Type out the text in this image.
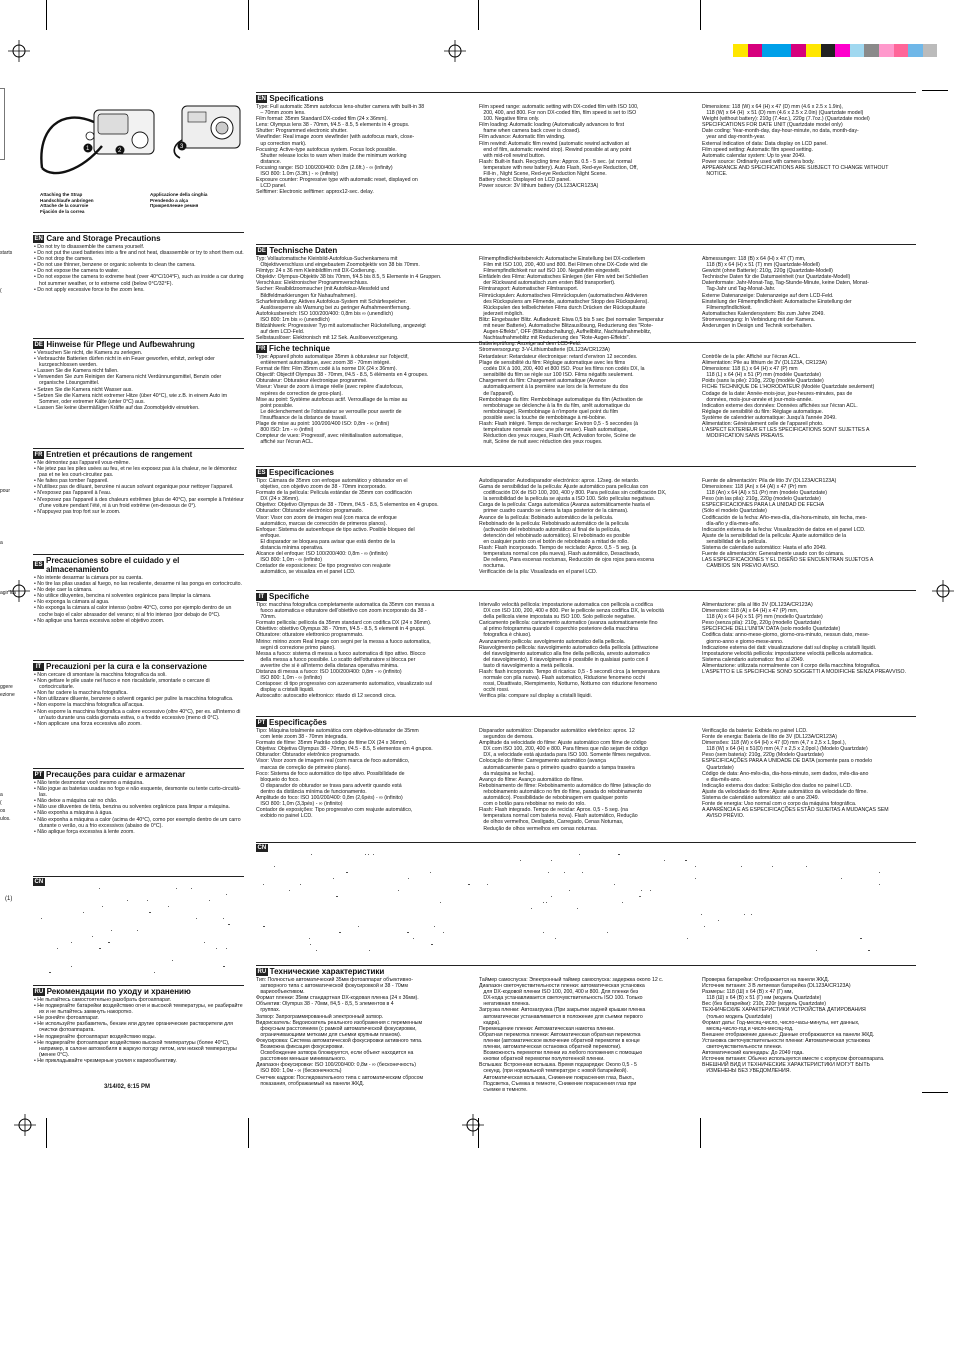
starts
(
pour
a
agir los
ggere
ezione
a
(
os
ulos.
(1)
1	2
3
Attaching the Strap
Handschlaufe anbringen
Attache de la courroie
Fijación de la correa
Applicazione della cinghia
Prendendo a alça
Прикрепление ремня
EN Care and Storage Precautions
• Do not try to disassemble the camera yourself.
• Do not put the used batteries into a fire and not heat, disassemble or try to short them out.
• Do not drop the camera.
• Do not use thinner, benzene or organic solvents to clean the camera.
• Do not expose the camera to water.
• Do not expose the camera to extreme heat (over 40°C/104°F), such as inside a car during hot summer weather, or to extreme cold (below 0°C/32°F).
• Do not apply excessive force to the zoom lens.
DE Hinweise für Pflege und Aufbewahrung
• Versuchen Sie nicht, die Kamera zu zerlegen.
• Verbrauchte Batterien dürfen nicht in ein Feuer geworfen, erhitzt, zerlegt oder kurzgeschlossen werden.
• Lassen Sie die Kamera nicht fallen.
• Verwenden Sie zum Reinigen der Kamera nicht Verdünnungsmittel, Benzin oder organische Lösungsmittel.
• Setzen Sie die Kamera nicht Wasser aus.
• Setzen Sie die Kamera nicht extremer Hitze (über 40°C), wie z.B. in einem Auto im Sommer, oder extremer Kälte (unter 0°C) aus.
• Lassen Sie keine übermäßigen Kräfte auf das Zoomobjektiv einwirken.
FR Entretien et précautions de rangement
• Ne démontez pas l'appareil vous-même.
• Ne jetez pas les piles usées au feu, et ne les exposez pas à la chaleur, ne le démontez pas et ne les court-circuitez pas.
• Ne faites pas tomber l'appareil.
• N'utilisez pas de diluant, benzène ni aucun solvant organique pour nettoyer l'appareil.
• N'exposez pas l'appareil à l'eau.
• N'exposez pas l'appareil à des chaleurs extrêmes (plus de 40°C), par exemple à l'intérieur d'une voiture pendant l'été, ni à un froid extrême (en-dessous de 0°).
• N'appuyez pas trop fort sur le zoom.
ES Precauciones sobre el cuidado y el almacenamiento
• No intente desarmar la cámara por su cuenta.
• No tire las pilas usadas al fuego, no las recaliente, desarme ni las ponga en cortocircuito.
• No deje caer la cámara.
• No utilice diluyentes, bencina ni solventes orgánicos para limpiar la cámara.
• No exponga la cámara al agua.
• No exponga la cámara al calor intenso (sobre 40°C), como por ejemplo dentro de un coche bajo el calor abrasador del verano; ni al frío intenso (por debajo de 0°C).
• No aplique una fuerza excesiva sobre el objetivo zoom.
IT Precauzioni per la cura e la conservazione
• Non cercare di smontare la macchina fotografica da soli.
• Non gettare le pile usate nel fuoco e non riscaldarle, smontarle o cercare di cortocircuitarle.
• Non far cadere la macchina fotografica.
• Non utilizzare diluente, benzene o solventi organici per pulire la macchina fotografica.
• Non esporre la macchina fotografica all'acqua.
• Non esporre la macchina fotografica a calore eccessivo (oltre 40°C), per es. all'interno di un'auto durante una calda giornata estiva, o a freddo eccessivo (meno di 0°C).
• Non applicare una forza eccessiva allo zoom.
PT Precauções para cuidar e armazenar
• Não tente desmontar você mesmo a máquina.
• Não jogue as baterias usadas no fogo e não esquente, desmonte ou tente curto-circuitá-las.
• Não deixe a máquina cair no chão.
• Não use diluventes de tinta, benzina ou solventes orgânicos para limpar a máquina.
• Não exponha a máquina à água.
• Não exponha a máquina a calor (acima de 40°C), como por exemplo dentro de um carro durante o verão, ou a frio excessivos (abaixo de 0°C).
• Não aplique força excessiva à lente zoom.
CN
RU Рекомендации по уходу и хранению
• Не пытайтесь самостоятельно разобрать фотоаппарат.
• Не подвергайте батарейки воздействию огня и высокой температуры, не разбирайте их и не пытайтесь замкнуть накоротко.
• Не роняйте фотоаппарат.
• Не используйте разбавитель, бензин или другие органические растворители для очистки фотоаппарата.
• Не подвергайте фотоаппарат воздействию воды.
• Не подвергайте фотоаппарат воздействию высокой температуры (более 40°C), например, в салоне автомобиля в жаркую погоду летом, или низкой температуры (менее 0°C).
• Не прикладывайте чрезмерные усилия к вариообъективу.
EN Specifications
Type: Full automatic 35mm autofocus lens-shutter camera with built-in 38
– 70mm zoom lens.
Film format: 35mm Standard DX-coded film (24 x 36mm).
Lens: Olympus lens 38 - 70mm, f/4.5 - 8.5, 5 elements in 4 groups.
Shutter: Programmed electronic shutter.
Viewfinder: Real image zoom viewfinder (with autofocus mark, close-
up correction mark).
Focusing: Active-type autofocus system. Focus lock possible.
Shutter release locks to warn when inside the minimum working
distance.
Focusing range: ISO 100/200/400: 0.8m (2.6ft.) - ∞ (infinity)
ISO 800: 1.0m (3.3ft.) - ∞ (infinity)
Exposure counter: Progressive type with automatic reset, displayed on
LCD panel.
Selftimer: Electronic selftimer: approx12-sec. delay.
Film speed range: automatic setting with DX-coded film with ISO 100,
200, 400, and 800. For non DX-coded film, film speed is set to ISO
100. Negative films only.
Film loading: Automatic loading (Automatically advances to first
frame when camera back cover is closed).
Film advance: Automatic film winding.
Film rewind: Automatic film rewind (automatic rewind activation at
end of film, automatic rewind stop). Rewind possible at any point
with mid-roll rewind button.
Flash: Built-in flash. Recycling time: Approx. 0.5 - 5 sec. (at normal
temperature with new battery). Auto Flash, Red-eye Reduction, Off,
Fill-in , Night Scene, Red-eye Reduction Night Scene.
Battery check: Displayed on LCD panel.
Power source: 3V lithium battery (DL123A/CR123A)
Dimensions: 118 (W) x 64 (H) x 47 (D) mm (4.6 x 2.5 x 1.9in),
118 (W) x 64 (H)  x 51 (D) mm (4.6 x 2.5 x 2.0in) (Quartzdate model)
Weight (without battery): 210g (7.4oz.), 220g (7.7oz.) (Quartzdate model)
SPECIFICATIONS FOR DATE UNIT (Quartzdate model only)
Date coding: Year-month-day, day-hour-minute, no data, month-day-
year and day-month-year.
External indication of data: Data display on LCD panel.
Film speed setting: Automatic film speed setting.
Automatic calendar system: Up to year 2049.
Power source: Ordinarily used with camera body.
APPEARANCE AND SPECIFICATIONS ARE SUBJECT TO CHANGE WITHOUT
NOTICE.
DE Technische Daten
Typ: Vollautomatische Kleinbild-Autofokus-Suchenkamera mit
Objektivverschluss und eingebautem Zoomobjektiv von 38 bis 70mm.
Filmtyp: 24 x 36 mm Kleinbildfilm mit DX-Codierung.
Objektiv: Olympus-Objektiv 38 bis 70mm, f/4.5 bis 8.5, 5 Elemente in 4 Gruppen.
Verschluss: Elektronischer Programmverschluss.
Sucher: Realbildzoomsucher (mit Autofokus-Messfeld und
Bildfeldmarkierungen für Nahaufnahmen).
Scharfeinstellung: Aktives Autofokus-System mit Schärfespeicher.
Auslösesperre als Warnung bei zu geringer Aufnahmeentfernung.
Autofokusbereich: ISO 100/200/400: 0,8m bis ∞ (unendlich)
ISO 800: 1m bis ∞ (unendlich)
Bildzählwerk: Progressiver Typ mit automatischer Rückstellung, angezeigt
auf dem LCD-Feld.
Selbstauslöser: Elektronisch mit 12 Sek. Auslöseverzögerung.
Filmempfindlichkeitsbereich: Automatische Einstellung bei DX-codiertem
Film mit ISO 100, 200, 400 und 800. Bei Filmen ohne DX-Code wird die
Filmempfindlichkeit nur auf ISO 100. Negativfilm eingestellt.
Einfädeln des Films: Automatisches Einlegen (der Film wird bei Schließen
der Rückwand automatisch zum ersten Bild transportiert).
Filmtransport: Automatischer Filmtransport.
Filmrückspulen: Automatisches Filmrückspulen (automatisches Aktivieren
des Rückspulens am Filmende, automatischer Stopp des Rückspulens).
Rückspulen des teilbelichteten Films durch Drücken der Rückspultaste
jederzeit möglich.
Blitz: Eingebauter Blitz. Aufladezeit: Etwa 0,5 bis 5 sec (bei normaler Temperatur
mit neuer Batterie). Automatische Blitzauslösung, Reduzierung des "Rote-
Augen-Effekts", OFF (Blitzabschaltung), Aufhellblitz, Nachtaufnahmeblitz,
Nachtaufnahmeblitz mit Reduzierung des "Rote-Augen-Effekts".
Batterieprüfung: Anzeige auf dem LCD-Feld.
Stromversorgung: 3-V-Lithiumbatterie (DL123A/CR123A)
Abmessungen: 118 (B) x 64 (H) x 47 (T) mm,
118 (B) x 64 (H) x 51 (T) mm (Quartzdate-Modell)
Gewicht (ohne Batterie): 210g, 220g (Quartzdate-Modell)
Technische Daten für die Datumseinheit (nur Quartzdate-Modell)
Datenformate: Jahr-Monat-Tag, Tag-Stunde-Minute, keine Daten, Monat-
Tag-Jahr und Tag-Monat-Jahr.
Externe Datenanzeige: Datenanzeige auf dem LCD-Feld.
Einstellung der Filmempfindlichkeit: Automatische Einstellung der
Filmempfindlichkeit.
Automatisches Kalendersystem: Bis zum Jahre 2049.
Stromversorgung: In Verbindung mit der Kamera.
Änderungen in Design und Technik vorbehalten.
FR Fiche technique
Type: Appareil photo automatique 35mm à obturateur sur l'objectif,
entièrement automatique, avec zoom 38 - 70mm intégré.
Format de film: Film 35mm codé à la norme DX (24 x 36mm).
Objectif: Objectif Olympus 38 - 70mm, f/4.5 - 8.5, 5 éléments en 4 groupes.
Obturateur: Obturateur électronique programmé.
Viseur: Viseur de zoom à image réelle (avec repère d'autofocus,
repères de correction de gros-plan).
Mise au point: Système autofocus actif. Verrouillage de la mise au
point possible.
Le déclenchement de l'obturateur se verrouille pour avertir de
l'insuffisance de la distance de travail.
Plage de mise au point: 100/200/400 ISO: 0,8m - ∞ (infini)
800 ISO: 1m - ∞ (infini)
Compteur de vues: Progressif, avec réinitialisation automatique,
affiché sur l'écran ACL.
Retardateur: Retardateur électronique: retard d'environ 12 secondes.
Plage de sensibilité du film: Réglage automatique avec les films
codés DX à 100, 200, 400 et 800 ISO. Pour les films non codés DX, la
sensibilité du film se règle sur 100 ISO. Films négatifs seulement.
Chargement du film: Chargement automatique (Avance
automatiquement à la première vue lors de la fermeture du dos
de l'appareil).
Rembobinage du film: Rembobinage automatique du film (Activation de
rembobinage se déclenche à la fin du film, arrêt automatique du
rembobinage). Rembobinage à n'importe quel point du film
possible avec la touche de rembobinage à mi-bobine.
Flash: Flash intégré. Temps de recharge: Environ 0,5 - 5 secondes (à
température normale avec une pile neuve). Flash automatique,
Réduction des yeux rouges, Flash Off, Activation forcée, Scène de
nuit, Scène de nuit avec réduction des yeux rouges.
Contrôle de la pile: Affiché sur l'écran ACL.
Alimentation: Pile au lithium de 3V (DL123A, CR123A)
Dimensions: 118 (L) x 64 (H) x 47 (P) mm
118 (L) x 64 (H) x 51 (P) mm (modèle Quartzdate)
Poids (sans la pile): 210g, 220g (modèle Quartzdate)
FICHE TECHNIQUE DE L'HORODATEUR (Modèle Quartzdate seulement)
Codage de la date: Année-mois-jour, jour-heures-minutes, pas de
données, mois-jour-année et jour-mois-année.
Indication externe des données: Données affichées sur l'écran ACL.
Réglage de sensibilité du film: Réglage automatique.
Système de calendrier automatique: Jusqu'à l'année 2049.
Alimentation: Généralement celle de l'appareil photo.
L'ASPECT EXTERIEUR ET LES SPECIFICATIONS SONT SUJETTES A
MODIFICATION SANS PREAVIS.
ES Especificaciones
Tipo: Cámara de 35mm con enfoque automático y obturador en el
objetivo, con objetivo zoom de 38 - 70mm incorporado.
Formato de la película: Película estándar de 35mm con codificación
DX (24 x 36mm).
Objetivo: Objetivo Olympus de 38 - 70mm, f/4.5 - 8.5, 5 elementos en 4 grupos.
Obturador: Obturador electrónico programado.
Visor: Visor con zoom de imagen real (con marca de enfoque
automático, marcas de corrección de primeros planos).
Enfoque: Sistema de autoenfoque de tipo activo. Posible bloqueo del
enfoque.
El disparador se bloquea para avisar que está dentro de la
distancia mínima operativa.
Alcance del enfoque: ISO 100/200/400: 0,8m - ∞ (infinito)
ISO 800: 1,0m - ∞ (infinito)
Contador de exposiciones: De tipo progresivo con reajuste
automático, se visualiza en el panel LCD.
Autodisparador: Autodisparador electrónico: aprox. 12seg. de retardo.
Gama de sensibilidad de la película: Ajuste automático para películas con
codificación DX de ISO 100, 200, 400 y 800. Para películas sin codificación DX,
la sensibilidad de la película se ajusta a ISO 100. Sólo películas negativas.
Carga de la película: Carga automática (Avanza automáticamente hasta el
primer cuadro cuando se cierra la tapa posterior de la cámara).
Avance de la película: Bobinado automático de la película.
Rebobinado de la película: Rebobinado automático de la película
(activación del rebobinado automático al final de la película,
detención del rebobinado automático). El rebobinado es posible
en cualquier punto con el botón de rebobinado a mitad de rollo.
Flash: Flash incorporado. Tiempo de reciclado: Aprox. 0,5 - 5 seg. (a
temperatura normal con pila nueva). Flash automático, Desactivado,
De relleno, Para escenas nocturnas, Reducción de ojos rojos para escena
nocturna.
Verificación de la pila: Visualizada en el panel LCD.
Fuente de alimentación: Pila de litio 3V (DL123A/CR123A)
Dimensiones: 118 (An) x 64 (Al) x 47 (Pr) mm
118 (An) x 64 (Al) x 51 (Pr) mm (modelo Quartzdate)
Peso (sin las pila): 210g, 220g (modelo Quartzdate)
ESPECIFICACIONES PARA LA UNIDAD DE FECHA
(Sólo el modelo Quartzdate)
Codificación de la fecha: Año-mes-día, día-hora-minuto, sin fecha, mes-
día-año y día-mes-año.
Indicación externa de la fecha: Visualización de datos en el panel LCD.
Ajuste de la sensibilidad de la película: Ajuste automático de la
sensibilidad de la película.
Sistema de calendario automático: Hasta el año 2049.
Fuente de alimentación: Generalmente usado con tlo cámara.
LAS ESPECIFICACIONES Y EL DISEÑO SE ENCUENTRAN SUJETOS A
CAMBIOS SIN PREVIO AVISO.
IT Specifiche
Tipo: macchina fotografica completamente automatica da 35mm con messa a
fuoco automatica e otturatore dell'obiettivo con zoom incorporato da 38 -
70mm.
Formato pellicola: pellicola da 35mm standard con codifica DX (24 x 36mm).
Obiettivo: obiettivo Olympus 38 - 70mm, f/4.5 - 8.5, 5 elementi in 4 gruppi.
Otturatore: otturatore elettronico programmato.
Mirino: mirino zoom Real Image con segni per la messa a fuoco automatica,
segni di correzione primo piano).
Messa a fuoco: sistema di messa a fuoco automatica di tipo attivo. Blocco
della messa a fuoco possibile. Lo scatto dell'otturatore si blocca per
avvertire che si è all'interno della distanza operativa minima.
Distanza di messa a fuoco: ISO 100/200/400: 0,8m - ∞ (infinito)
ISO 800: 1,0m - ∞ (infinito)
Contapose: di tipo progressivo con azzeramento automatico, visualizzato sul
display a cristalli liquidi.
Autoscatto: autoscatto elettronico: ritardo di 12 secondi circa.
Intervallo velocità pellicola: impostazione automatica con pellicola a codifica
DX con ISO 100, 200, 400 e 800. Per le pellicole senza codifica DX, la velocità
della pellicola viene impostata su ISO 100. Solo pellicole negative.
Caricamento pellicola: caricamento automatico (avanza automaticamente fino
al primo fotogramma quando il coperchio posteriore della macchina
fotografica è chiuso).
Avanzamento pellicola: avvolgimento automatico della pellicola.
Riavvolgimento pellicola: riavvolgimento automatico della pellicola (attivazione
del riavvolgimento automatico alla fine della pellicola, arresto automatico
del riavvolgimento). Il riavvolgimento è possibile in qualsiasi punto con il
tasto di riavvolgimento a metà pellicola.
Flash: flash incorporato. Tempo di ricarica: 0,5 - 5 secondi circa (a temperatura
normale con pila nuova). Flash automatico, Riduzione fenomeno occhi
rossi, Disattivato, Riempimento, Notturno, Notturno con riduzione fenomeno
occhi rossi.
Verifica pila: compare sul display a cristalli liquidi.
Alimentazione: pila al litio 3V (DL123A/CR123A)
Dimensioni: 118 (A) x 64 (H) x 47 (P) mm,
118 (A) x 64 (H) x 51 (P) mm (modello Quartzdate)
Peso (senza pila): 210g, 220g (modello Quartzdate)
SPECIFICHE DELL'UNITA' DATA (solo modello Quartzdate)
Codifica data: anno-mese-giorno, giorno-ora-minuto, nessun dato, mese-
giorno-anno e giorno-mese-anno.
Indicazione esterna dei dati: visualizzazione dati sul display a cristalli liquidi.
Impostazione velocità pellicola: impostazione velocità pellicola automatica.
Sistema calendario automatico: fino al 2049.
Alimentazione: utilizzata normalmente con il corpo della macchina fotografica.
L'ASPETTO E LE SPECIFICHE SONO SOGGETTI A MODIFICHE SENZA PREAVVISO.
PT Especificações
Tipo: Máquina totalmente automática com objetiva-obturador de 35mm
com lente zoom 38 - 70mm integrada.
Formato de filme: 35mm Padrão código de filme DX (24 x 36mm).
Objetiva: Objetiva Olympus 38 - 70mm, f/4.5 - 8.5, 5 elementos em 4 grupos.
Obturador: Obturador eletrônico programado.
Visor: Visor zoom de imagem real (com marca de foco automático,
marcas de correção de primeiro plano).
Foco: Sistema de foco automático do tipo ativo. Possibilidade de
bloqueio do foco.
O disparador do obturador se trava para advertir quando está
dentro da distância mínima de funcionamento.
Amplitude do foco: ISO 100/200/400: 0,8m (2,6pés) - ∞ (infinito)
ISO 800: 1,0m (3,3pés) - ∞ (infinito)
Contador de exposições: Tipo progressivo com reajuste automático,
exibido no painel LCD.
Disparador automático: Disparador automático eletrônico: aprox. 12
segundos de demora.
Amplitude da velocidade do filme: Ajuste automático com filme de código
DX com ISO 100, 200, 400 e 800. Para filmes que não sejam de código
DX, a velocidade está ajustada para ISO 100. Somente filmes negativos.
Colocação do filme: Carregamento automático (avança
automaticamente para o primeiro quadro quando a tampa traseira
da máquina se fecha).
Avanço do filme: Avanço automático do filme.
Rebobinamento de filme: Rebobinamento automático do filme (ativação do
rebobinamento automático no fim do filme, parada do rebobinamento
automático). Possibilidade de rebobinagem em qualquer ponto
com o botão para rebobinar no meio do rolo.
Flash: Flash integrado. Tempo de reciclar: Aprox. 0,5 - 5 seg. (na
temperatura normal com bateria nova). Flash automático, Redução
de olhos vermelhos, Desligado, Carregado, Cenas Noturnas,
Redução de olhos vermelhos em cenas noturnas.
Verificação da bateria: Exibida no painel LCD.
Fonte de energia: Bateria de lítio de 3V (DL123A/CR123A)
Dimensões: 118 (W) x 64 (H) x 47 (D) mm (4,7 x 2,5 x 1,9pol.),
118 (W) x 64 (H) x 51(D) mm (4,7 x 2,5 x 2,0pol.) (Modelo Quartzdate)
Peso (sem bateria): 210g, 220g (Modelo Quartzdate)
ESPECIFICAÇÕES PARA A UNIDADE DE DATA (somente para o modelo
Quartzdate)
Código de data: Ano-mês-dia, dia-hora-minuto, sem dados, mês-dia-ano
e dia-mês-ano.
Indicação externa dos dados: Exibição dos dados no painel LCD.
Ajuste da velocidade do filme: Ajuste automático da velocidade do filme.
Sistema de calendário automático: até o ano 2049.
Fonte de energia: Uso normal com o corpo da máquina fotográfica.
A APARÊNCIA E AS ESPECIFICAÇÕES ESTÃO SUJEITAS A MUDANÇAS SEM
AVISO PRÉVIO.
CN
RU Технические характеристики
Тип: Полностью автоматический 35мм фотоаппарат объективно-
затворного типа с автоматической фокусировкой и 38 - 70мм
вариообъективом.
Формат пленки: 35мм стандартная DX-кодовая пленка (24 x 36мм).
Объектив: Olympus 38 - 70мм, f/4,5 - 8,5, 5 элементов в 4
группах.
Затвор: Запрограммированный электронный затвор.
Видоискатель: Видоискатель реального изображения с переменным
фокусным расстоянием (с рамкой автоматической фокусировки,
ограничивающими метками для съемки крупным планом).
Фокусировка: Система автоматической фокусировки активного типа.
Возможна фиксация фокусировки.
Освобождение затвора блокируется, если объект находится на
расстоянии меньше минимального.
Диапазон фокусировки: ISO 100/200/400: 0,8м - ∞ (бесконечность)
ISO 800: 1,0м - ∞ (бесконечность)
Счетчик кадров: Последовательного типа с автоматическим сбросом
показания, отображаемый на панели ЖКД.
Таймер самоспуска: Электронный таймер самоспуска: задержка около 12 с.
Диапазон светочувствительности пленки: автоматическая установка
для DX-кодовой пленки ISO 100, 200, 400 и 800. Для пленки без
DX-кода устанавливается светочувствительность ISO 100. Только
негативная пленка.
Загрузка пленки: Автозагрузка (При закрытии задней крышки пленка
автоматически устанавливается в положение для съемки первого
кадра).
Перемещение пленки: Автоматическая намотка пленки.
Обратная перемотка пленки: Автоматическая обратная перемотка
пленки (автоматическое включение обратной перемотки в конце
пленки, автоматическая остановка обратной перемотки).
Возможность перемотки пленки из любого положения с помощью
кнопки обратной перемотки полупотенной пленки.
Вспышка: Встроенная вспышка. Время подзарядки: Около 0,5 - 5
секунд. (при нормальной температуре с новой батарейкой).
Автоматическая вспышка, Снижение покраснения глаз, Выкл.,
Подсветка, Съемка в темноте, Снижение покраснения глаз при
съемке в темноте.
Проверка батарейки: Отображается на панели ЖКД.
Источник питания: 3 В литиевая батарейка (DL123A/CR123A)
Размеры: 118 (Ш) x 64 (В) x 47 (Г) мм,
118 (Ш) x 64 (В) x 51 (Г) мм (модель Quartzdate)
Вес (без батарейки): 210г, 220г (модель Quartzdate)
ТЕХНИЧЕСКИЕ ХАРАКТЕРИСТИКИ УСТРОЙСТВА ДАТИРОВАНИЯ
(только модель Quartzdate)
Формат даты: Год-месяц-число, число-часы-минуты, нет данных,
месяц-число-год и число-месяц-год.
Внешнее отображение данных: Данные отображаются на панели ЖКД.
Установка светочувствительности пленки: Автоматическая установка
светочувствительности пленки.
Автоматический календарь: До 2049 года.
Источник питания: Обычно используется вместе с корпусом фотоаппарата.
ВНЕШНИЙ ВИД И ТЕХНИЧЕСКИЕ ХАРАКТЕРИСТИКИ МОГУТ БЫТЬ
ИЗМЕНЕНЫ БЕЗ УВЕДОМЛЕНИЯ.
3/14/02, 6:15 PM
